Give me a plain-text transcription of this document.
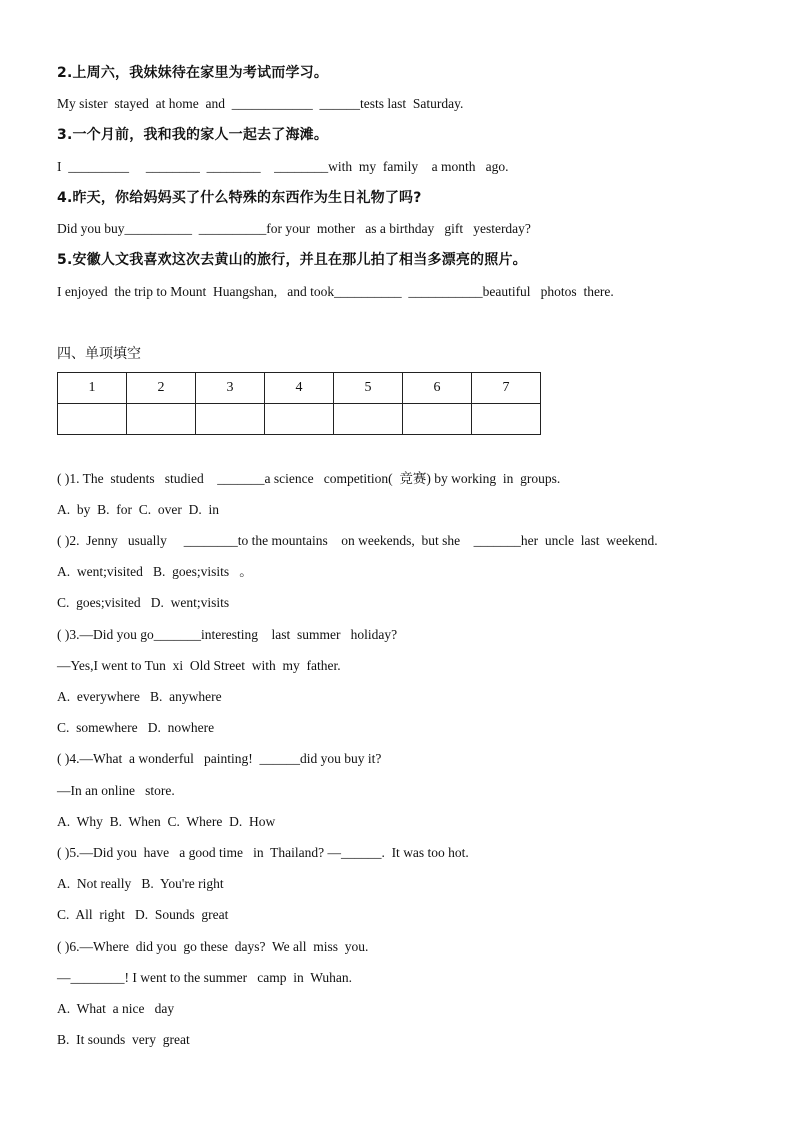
2.上周六，我妹妹待在家里为考试而学习。
My sister  stayed  at home  and  ____________  ______tests last  Saturday.
3.一个月前，我和我的家人一起去了海滩。
I  _________     ________  ________    ________with  my  family    a month   ago.
4.昨天，你给妈妈买了什么特殊的东西作为生日礼物了吗?
Did you buy__________  __________for your  mother   as a birthday   gift   yesterday?
5.安徽人文我喜欢这次去黄山的旅行，并且在那儿拍了相当多漂亮的照片。
I enjoyed  the trip to Mount  Huangshan,   and took__________  ___________beautiful   photos  there.
四、单项填空
1	2	3	4	5	6	7

( )1. The  students   studied    _______a science   competition(  竞赛) by working  in  groups.
A.  by  B.  for  C.  over  D.  in
( )2.  Jenny   usually     ________to the mountains    on weekends,  but she    _______her  uncle  last  weekend.
A.  went;visited   B.  goes;visits   。
C.  goes;visited   D.  went;visits
( )3.—Did you go_______interesting    last  summer   holiday?
—Yes,I went to Tun  xi  Old Street  with  my  father.
A.  everywhere   B.  anywhere
C.  somewhere   D.  nowhere
( )4.—What  a wonderful   painting!  ______did you buy it?
—In an online   store.
A.  Why  B.  When  C.  Where  D.  How
( )5.—Did you  have   a good time   in  Thailand? —______.  It was too hot.
A.  Not really   B.  You're right
C.  All  right   D.  Sounds  great
( )6.—Where  did you  go these  days?  We all  miss  you.
—________! I went to the summer   camp  in  Wuhan.
A.  What  a nice   day
B.  It sounds  very  great
